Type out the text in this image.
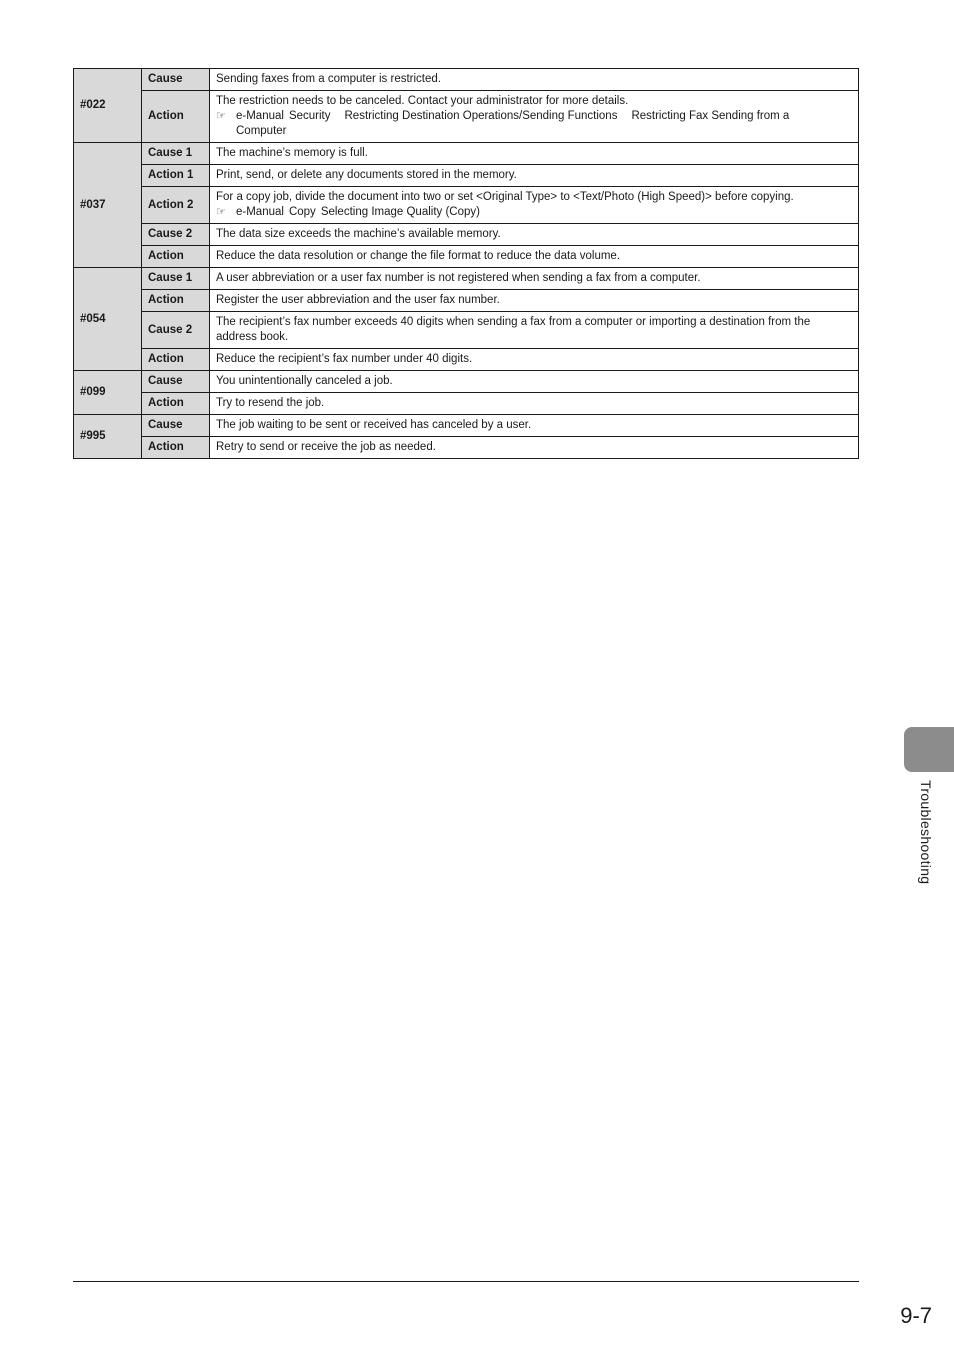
#022	Cause	Sending faxes from a computer is restricted.
	Action	The restriction needs to be canceled. Contact your administrator for more details.
☞ e-Manual Security Restricting Destination Operations/Sending Functions Restricting Fax Sending from a
Computer

#037	Cause 1	The machine’s memory is full.
	Action 1	Print, send, or delete any documents stored in the memory.
	Action 2	For a copy job, divide the document into two or set <Original Type> to <Text/Photo (High Speed)> before copying.
☞ e-Manual Copy Selecting Image Quality (Copy)

	Cause 2	The data size exceeds the machine’s available memory.
	Action	Reduce the data resolution or change the file format to reduce the data volume.
#054	Cause 1	A user abbreviation or a user fax number is not registered when sending a fax from a computer.
	Action	Register the user abbreviation and the user fax number.
	Cause 2	The recipient’s fax number exceeds 40 digits when sending a fax from a computer or importing a destination from the address book.
	Action	Reduce the recipient’s fax number under 40 digits.
#099	Cause	You unintentionally canceled a job.
	Action	Try to resend the job.
#995	Cause	The job waiting to be sent or received has canceled by a user.
	Action	Retry to send or receive the job as needed.
Troubleshooting
9-7
